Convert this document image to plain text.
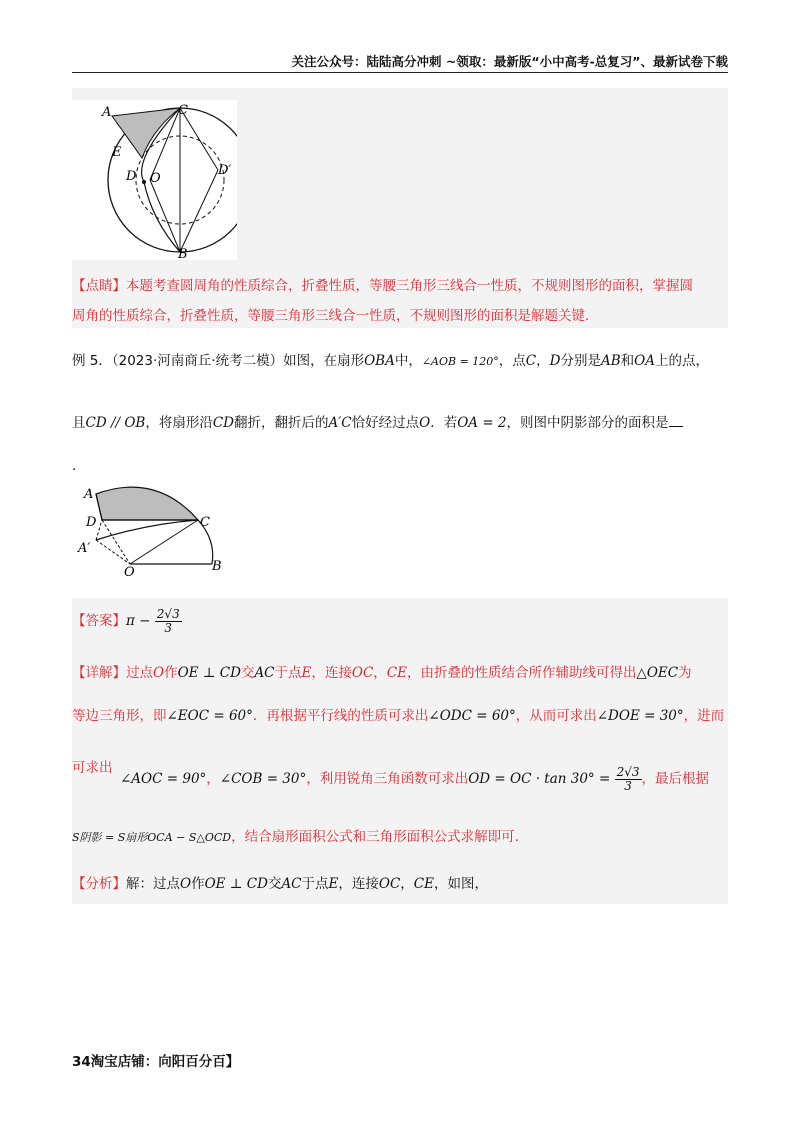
关注公众号：陆陆高分冲刺 ~领取：最新版“小中高考-总复习”、最新试卷下载
A	C
E
D O
D′
B
【点睛】本题考查圆周角的性质综合，折叠性质，等腰三角形三线合一性质，不规则图形的面积，掌握圆
周角的性质综合，折叠性质，等腰三角形三线合一性质，不规则图形的面积是解题关键.
例 5．（2023·河南商丘·统考二模）如图，在扇形OBA中，∠AOB = 120°，点C，D分别是AB和OA上的点，
且CD // OB，将扇形沿CD翻折，翻折后的A′C恰好经过点O．若OA = 2，则图中阴影部分的面积是
.
A
D	C
A′
O	B
【答案】$\pi - \frac{2√3}{3}$
【详解】过点O作OE ⊥ CD交AC于点E，连接OC，CE，由折叠的性质结合所作辅助线可得出△OEC为
等边三角形，即∠EOC = 60°．再根据平行线的性质可求出∠ODC = 60°，从而可求出∠DOE = 30°，进而
可求出
∠AOC = 90°，∠COB = 30°，利用锐角三角函数可求出OD = OC · $\tan 30^\circ = \frac{2√3}{3}$ ，最后根据
S阴影 = S扇形OCA − S△OCD，结合扇形面积公式和三角形面积公式求解即可.
【分析】解：过点O作OE ⊥ CD交AC于点E，连接OC，CE，如图，
34淘宝店铺：向阳百分百】
